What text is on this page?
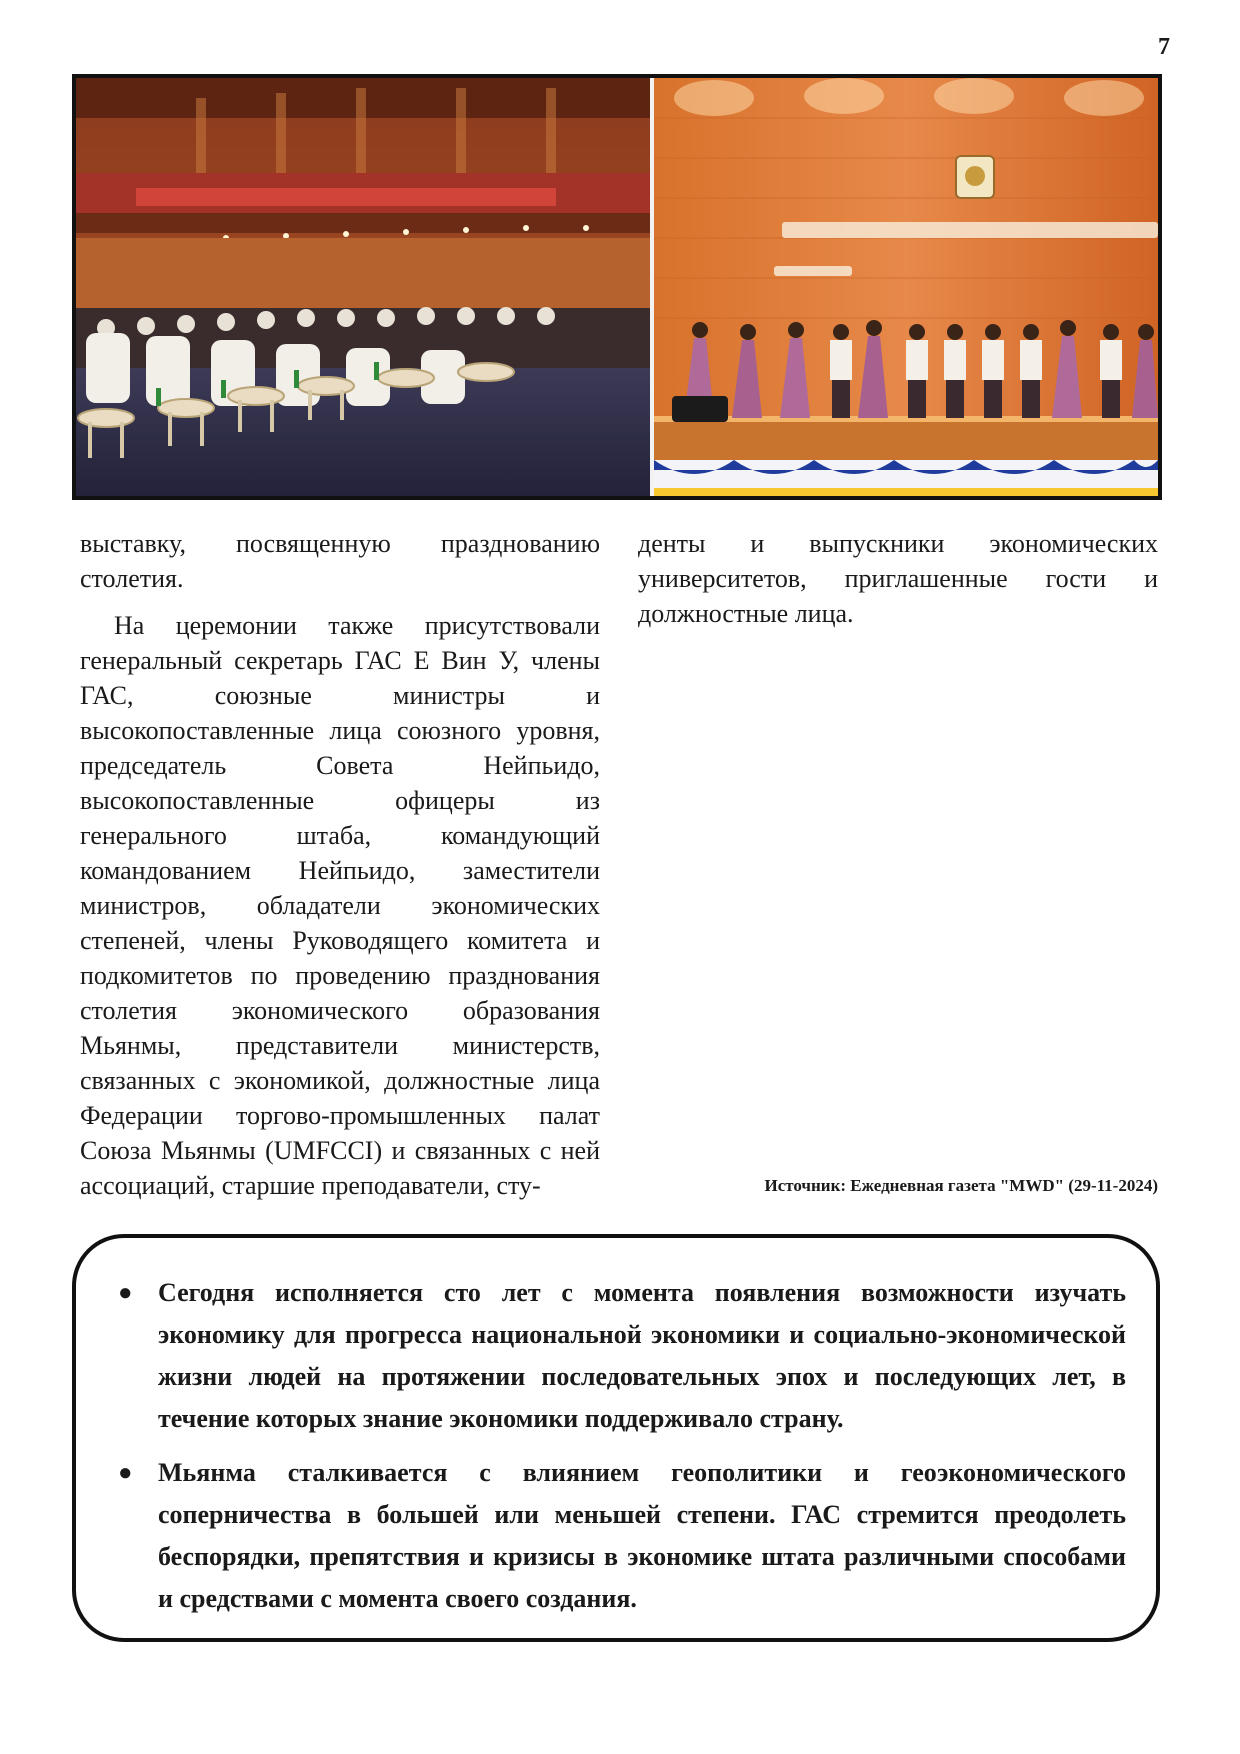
7

выставку, посвященную празднованию столетия.

На церемонии также присутствовали генеральный секретарь ГАС Е Вин У, члены ГАС, союзные министры и высокопоставленные лица союзного уровня, председатель Совета Нейпьидо, высокопоставленные офицеры из генерального штаба, командующий командованием Нейпьидо, заместители министров, обладатели экономических степеней, члены Руководящего комитета и подкомитетов по проведению празднования столетия экономического образования Мьянмы, представители министерств, связанных с экономикой, должностные лица Федерации торгово-промышленных палат Союза Мьянмы (UMFCCI) и связанных с ней ассоциаций, старшие преподаватели, сту-

денты и выпускники экономических университетов, приглашенные гости и должностные лица.

Источник: Ежедневная газета "MWD" (29-11-2024)
● Сегодня исполняется сто лет с момента появления возможности изучать экономику для прогресса национальной экономики и социально-экономической жизни людей на протяжении последовательных эпох и последующих лет, в течение которых знание экономики поддерживало страну.
● Мьянма сталкивается с влиянием геополитики и геоэкономического соперничества в большей или меньшей степени. ГАС стремится преодолеть беспорядки, препятствия и кризисы в экономике штата различными способами и средствами с момента своего создания.
